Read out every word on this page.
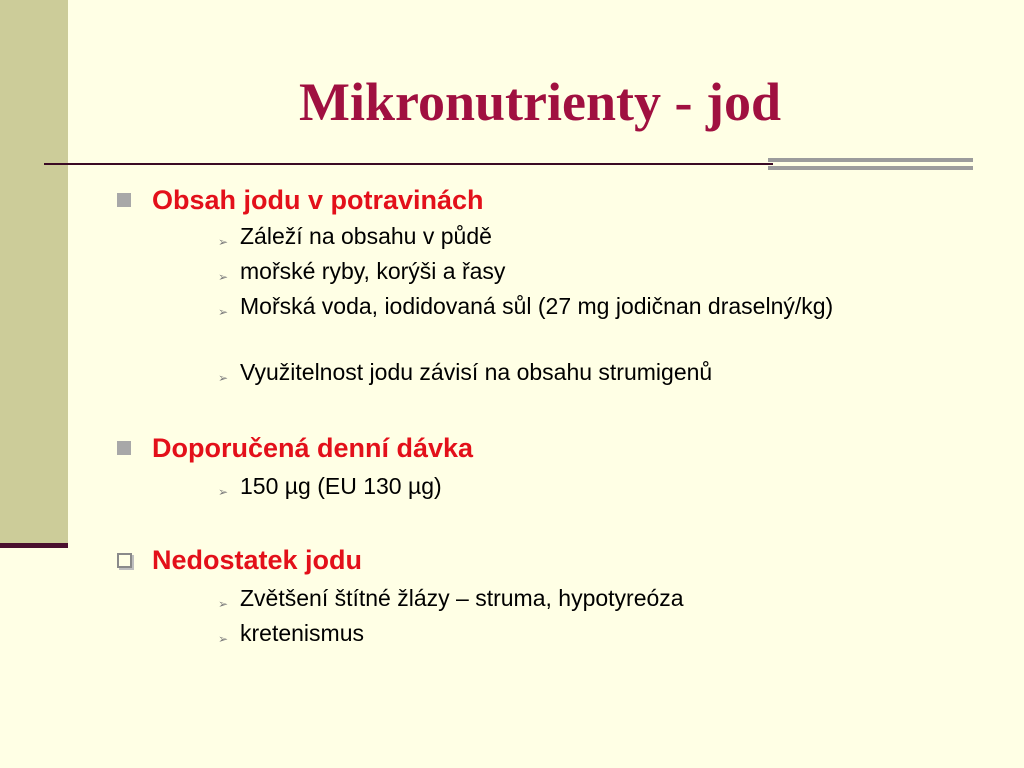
Mikronutrienty - jod
Obsah jodu v potravinách
➢ Záleží na obsahu v půdě
➢ mořské ryby, korýši a řasy
➢ Mořská voda, iodidovaná sůl (27 mg jodičnan draselný/kg)
➢ Využitelnost jodu závisí na obsahu strumigenů
Doporučená denní dávka
➢ 150 µg (EU 130 µg)
Nedostatek jodu
➢ Zvětšení štítné žlázy – struma, hypotyreóza
➢ kretenismus
